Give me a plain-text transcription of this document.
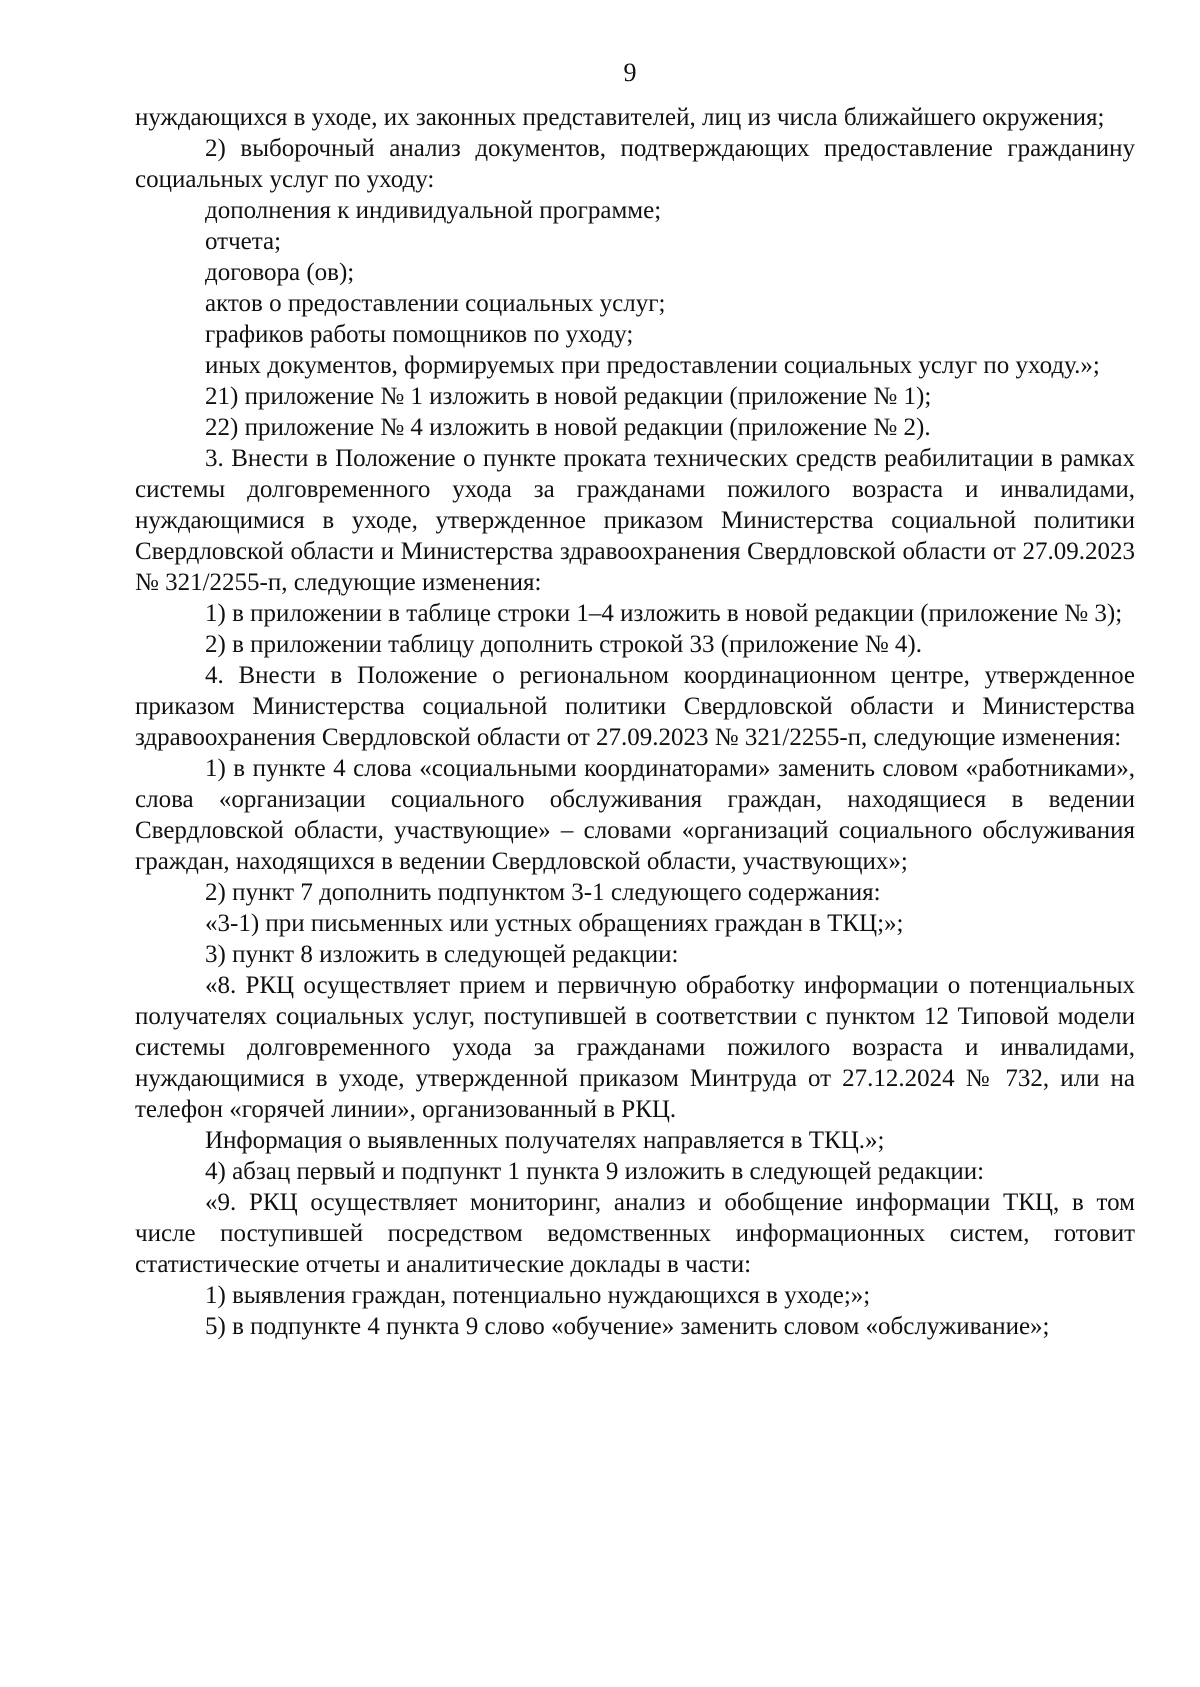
9

нуждающихся в уходе, их законных представителей, лиц из числа ближайшего окружения;

2) выборочный анализ документов, подтверждающих предоставление гражданину социальных услуг по уходу:

дополнения к индивидуальной программе;

отчета;

договора (ов);

актов о предоставлении социальных услуг;

графиков работы помощников по уходу;

иных документов, формируемых при предоставлении социальных услуг по уходу.»;

21) приложение № 1 изложить в новой редакции (приложение № 1);

22) приложение № 4 изложить в новой редакции (приложение № 2).

3. Внести в Положение о пункте проката технических средств реабилитации в рамках системы долговременного ухода за гражданами пожилого возраста и инвалидами, нуждающимися в уходе, утвержденное приказом Министерства социальной политики Свердловской области и Министерства здравоохранения Свердловской области от 27.09.2023 № 321/2255-п, следующие изменения:

1) в приложении в таблице строки 1–4 изложить в новой редакции (приложение № 3);

2) в приложении таблицу дополнить строкой 33 (приложение № 4).

4. Внести в Положение о региональном координационном центре, утвержденное приказом Министерства социальной политики Свердловской области и Министерства здравоохранения Свердловской области от 27.09.2023 № 321/2255-п, следующие изменения:

1) в пункте 4 слова «социальными координаторами» заменить словом «работниками», слова «организации социального обслуживания граждан, находящиеся в ведении Свердловской области, участвующие» – словами «организаций социального обслуживания граждан, находящихся в ведении Свердловской области, участвующих»;

2) пункт 7 дополнить подпунктом 3-1 следующего содержания:

«3-1) при письменных или устных обращениях граждан в ТКЦ;»;

3) пункт 8 изложить в следующей редакции:

«8. РКЦ осуществляет прием и первичную обработку информации о потенциальных получателях социальных услуг, поступившей в соответствии с пунктом 12 Типовой модели системы долговременного ухода за гражданами пожилого возраста и инвалидами, нуждающимися в уходе, утвержденной приказом Минтруда от 27.12.2024 № 732, или на телефон «горячей линии», организованный в РКЦ.

Информация о выявленных получателях направляется в ТКЦ.»;

4) абзац первый и подпункт 1 пункта 9 изложить в следующей редакции:

«9. РКЦ осуществляет мониторинг, анализ и обобщение информации ТКЦ, в том числе поступившей посредством ведомственных информационных систем, готовит статистические отчеты и аналитические доклады в части:

1) выявления граждан, потенциально нуждающихся в уходе;»;

5) в подпункте 4 пункта 9 слово «обучение» заменить словом «обслуживание»;
